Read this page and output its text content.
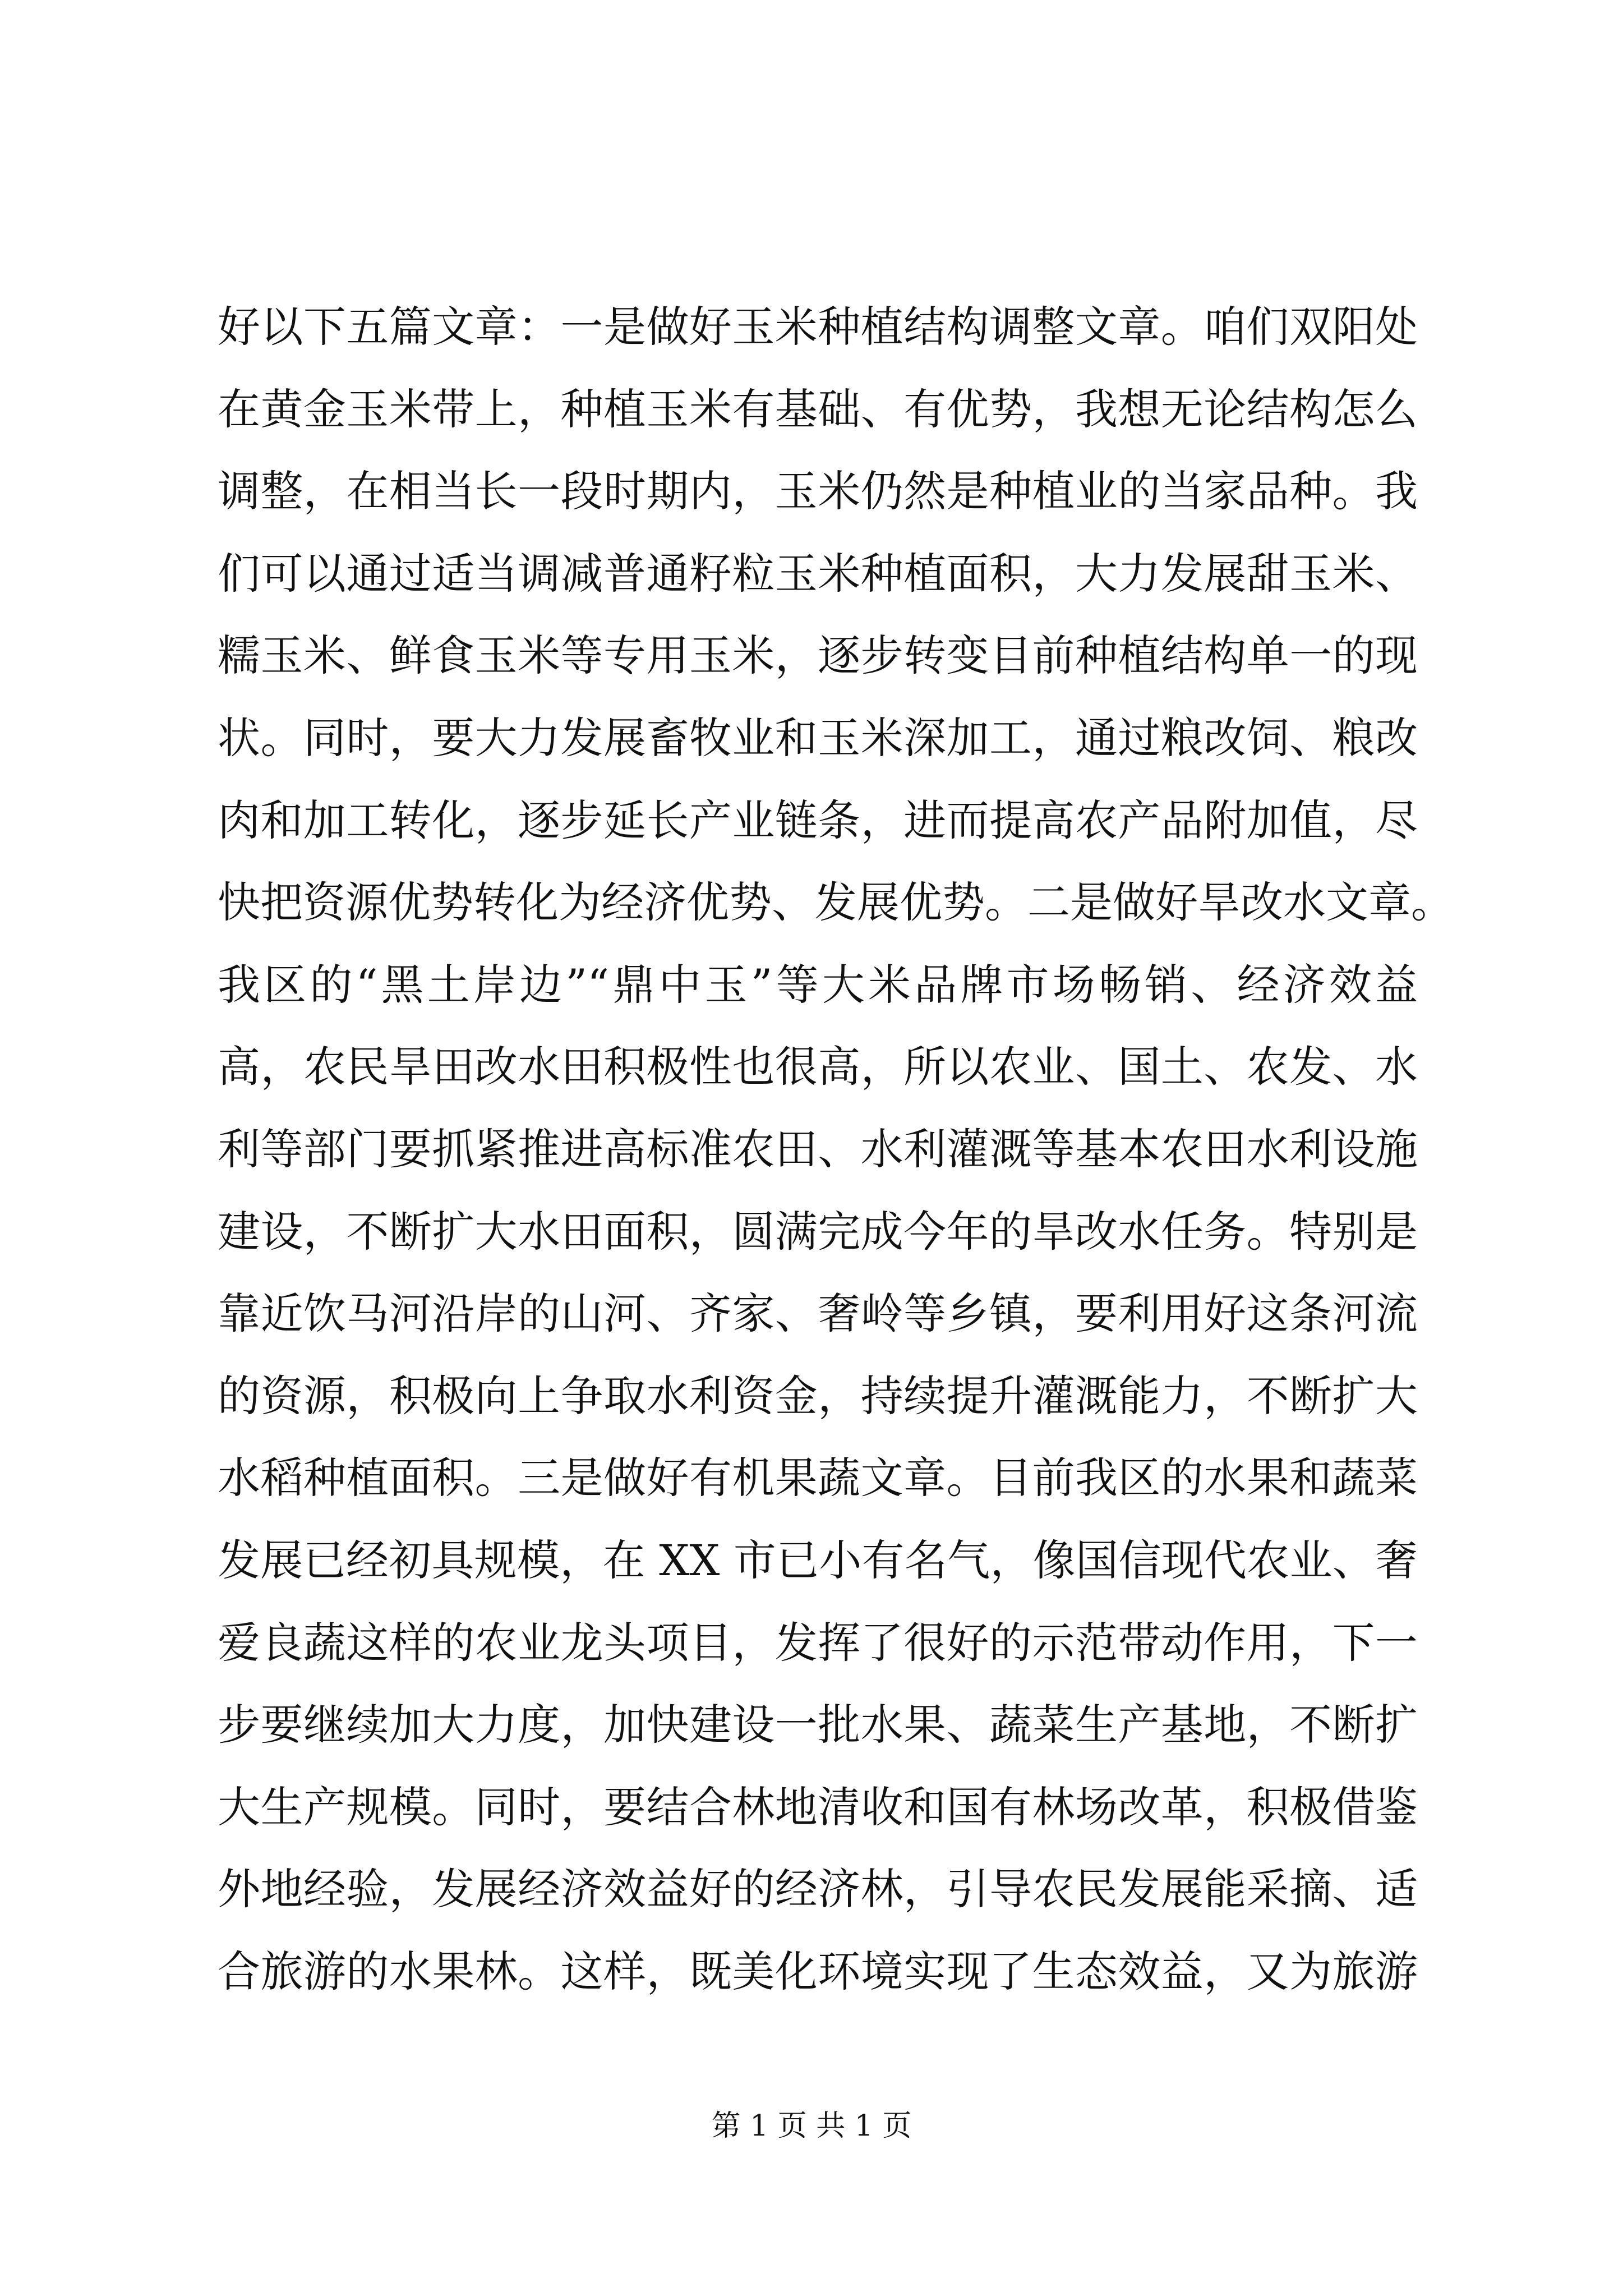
好以下五篇文章：一是做好玉米种植结构调整文章。咱们双阳处
在黄金玉米带上，种植玉米有基础、有优势，我想无论结构怎么
调整，在相当长一段时期内，玉米仍然是种植业的当家品种。我
们可以通过适当调减普通籽粒玉米种植面积，大力发展甜玉米、
糯玉米、鲜食玉米等专用玉米，逐步转变目前种植结构单一的现
状。同时，要大力发展畜牧业和玉米深加工，通过粮改饲、粮改
肉和加工转化，逐步延长产业链条，进而提高农产品附加值，尽
快把资源优势转化为经济优势、发展优势。二是做好旱改水文章。
我区的“黑土岸边”“鼎中玉”等大米品牌市场畅销、经济效益
高，农民旱田改水田积极性也很高，所以农业、国土、农发、水
利等部门要抓紧推进高标准农田、水利灌溉等基本农田水利设施
建设，不断扩大水田面积，圆满完成今年的旱改水任务。特别是
靠近饮马河沿岸的山河、齐家、奢岭等乡镇，要利用好这条河流
的资源，积极向上争取水利资金，持续提升灌溉能力，不断扩大
水稻种植面积。三是做好有机果蔬文章。目前我区的水果和蔬菜
发展已经初具规模，在 XX 市已小有名气，像国信现代农业、奢
爱良蔬这样的农业龙头项目，发挥了很好的示范带动作用，下一
步要继续加大力度，加快建设一批水果、蔬菜生产基地，不断扩
大生产规模。同时，要结合林地清收和国有林场改革，积极借鉴
外地经验，发展经济效益好的经济林，引导农民发展能采摘、适
合旅游的水果林。这样，既美化环境实现了生态效益，又为旅游
第 1 页 共 1 页
